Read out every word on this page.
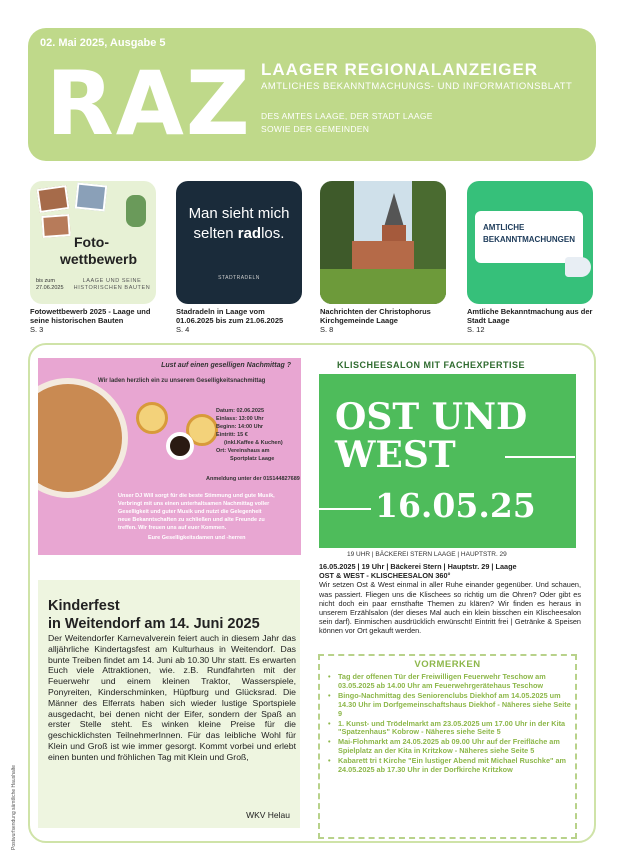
02. Mai 2025, Ausgabe 5
RAZ LAAGER REGIONALANZEIGER
AMTLICHES BEKANNTMACHUNGS- UND INFORMATIONSBLATT
DES AMTES LAAGE, DER STADT LAAGE
SOWIE DER GEMEINDEN
Foto-
wettbewerb
bis zum 27.06.2025
LAAGE UND SEINE HISTORISCHEN BAUTEN
Fotowettbewerb 2025 - Laage und seine historischen Bauten
S. 3
Man sieht mich
selten radlos.
STADTRADELN
Stadradeln in Laage vom 01.06.2025 bis zum 21.06.2025
S. 4
Nachrichten der Christophorus Kirchgemeinde Laage
S. 8
AMTLICHE
BEKANNTMACHUNGEN
Amtliche Bekanntmachung aus der Stadt Laage
S. 12
Lust auf einen geselligen Nachmittag ?
Wir laden herzlich ein zu unserem Geselligkeitsnachmittag
Datum: 02.06.2025
Einlass: 13:00 Uhr
Beginn: 14:00 Uhr
Eintritt: 15 €
(inkl.Kaffee & Kuchen)
Ort: Vereinshaus am
Sportplatz Laage
Anmeldung unter der 015144827689
Unser DJ Will sorgt für die beste Stimmung und gute Musik,
Verbringt mit uns einen unterhaltsamen Nachmittag voller
Geselligkeit und guter Musik und nutzt die Gelegenheit
neue Bekanntschaften zu schließen und alte Freunde zu
treffen. Wir freuen uns auf euer Kommen.
Eure Geselligkeitsdamen und -herren
KLISCHEESALON MIT FACHEXPERTISE
OST UND
WEST
16.05.25
19 UHR | BÄCKEREI STERN LAAGE | HAUPTSTR. 29
16.05.2025 | 19 Uhr | Bäckerei Stern | Hauptstr. 29 | Laage
OST & WEST - KLISCHEESALON 360°
Wir setzen Ost & West einmal in aller Ruhe einander gegenüber. Und schauen, was passiert. Fliegen uns die Klischees so richtig um die Ohren? Oder gibt es nicht doch ein paar ernsthafte Themen zu klären? Wir finden es heraus in unserem Erzählsalon (der dieses Mal auch ein klein bisschen ein Klischeesalon sein darf). Einmischen ausdrücklich erwünscht! Eintritt frei | Getränke & Speisen können vor Ort gekauft werden.
Kinderfest
in Weitendorf am 14. Juni 2025
Der Weitendorfer Karnevalverein feiert auch in diesem Jahr das alljährliche Kindertagsfest am Kulturhaus in Weitendorf. Das bunte Treiben findet am 14. Juni ab 10.30 Uhr statt. Es erwarten Euch viele Attraktionen, wie. z.B. Rundfahrten mit der Feuerwehr und einem kleinen Traktor, Wasserspiele, Ponyreiten, Kinderschminken, Hüpfburg und Glücksrad. Die Männer des Elferrats haben sich wieder lustige Sportspiele ausgedacht, bei denen nicht der Eifer, sondern der Spaß an erster Stelle steht. Es winken kleine Preise für die geschicklichsten TeilnehmerInnen. Für das leibliche Wohl für Klein und Groß ist wie immer gesorgt. Kommt vorbei und erlebt einen bunten und fröhlichen Tag mit Klein und Groß,
WKV Helau
VORMERKEN
• Tag der offenen Tür der Freiwilligen Feuerwehr Teschow am 03.05.2025 ab 14.00 Uhr am Feuerwehrgerätehaus Teschow
• Bingo-Nachmittag des Seniorenclubs Diekhof am 14.05.2025 um 14.30 Uhr im Dorfgemeinschaftshaus Diekhof - Näheres siehe Seite 9
• 1. Kunst- und Trödelmarkt am 23.05.2025 um 17.00 Uhr in der Kita "Spatzenhaus" Kobrow - Näheres siehe Seite 5
• Mai-Flohmarkt am 24.05.2025 ab 09.00 Uhr auf der Freifläche am Spielplatz an der Kita in Kritzkow - Näheres siehe Seite 5
• Kabarett tri t Kirche "Ein lustiger Abend mit Michael Ruschke" am 24.05.2025 ab 17.30 Uhr in der Dorfkirche Kritzkow
Postwurfsendung sämtliche Haushalte
